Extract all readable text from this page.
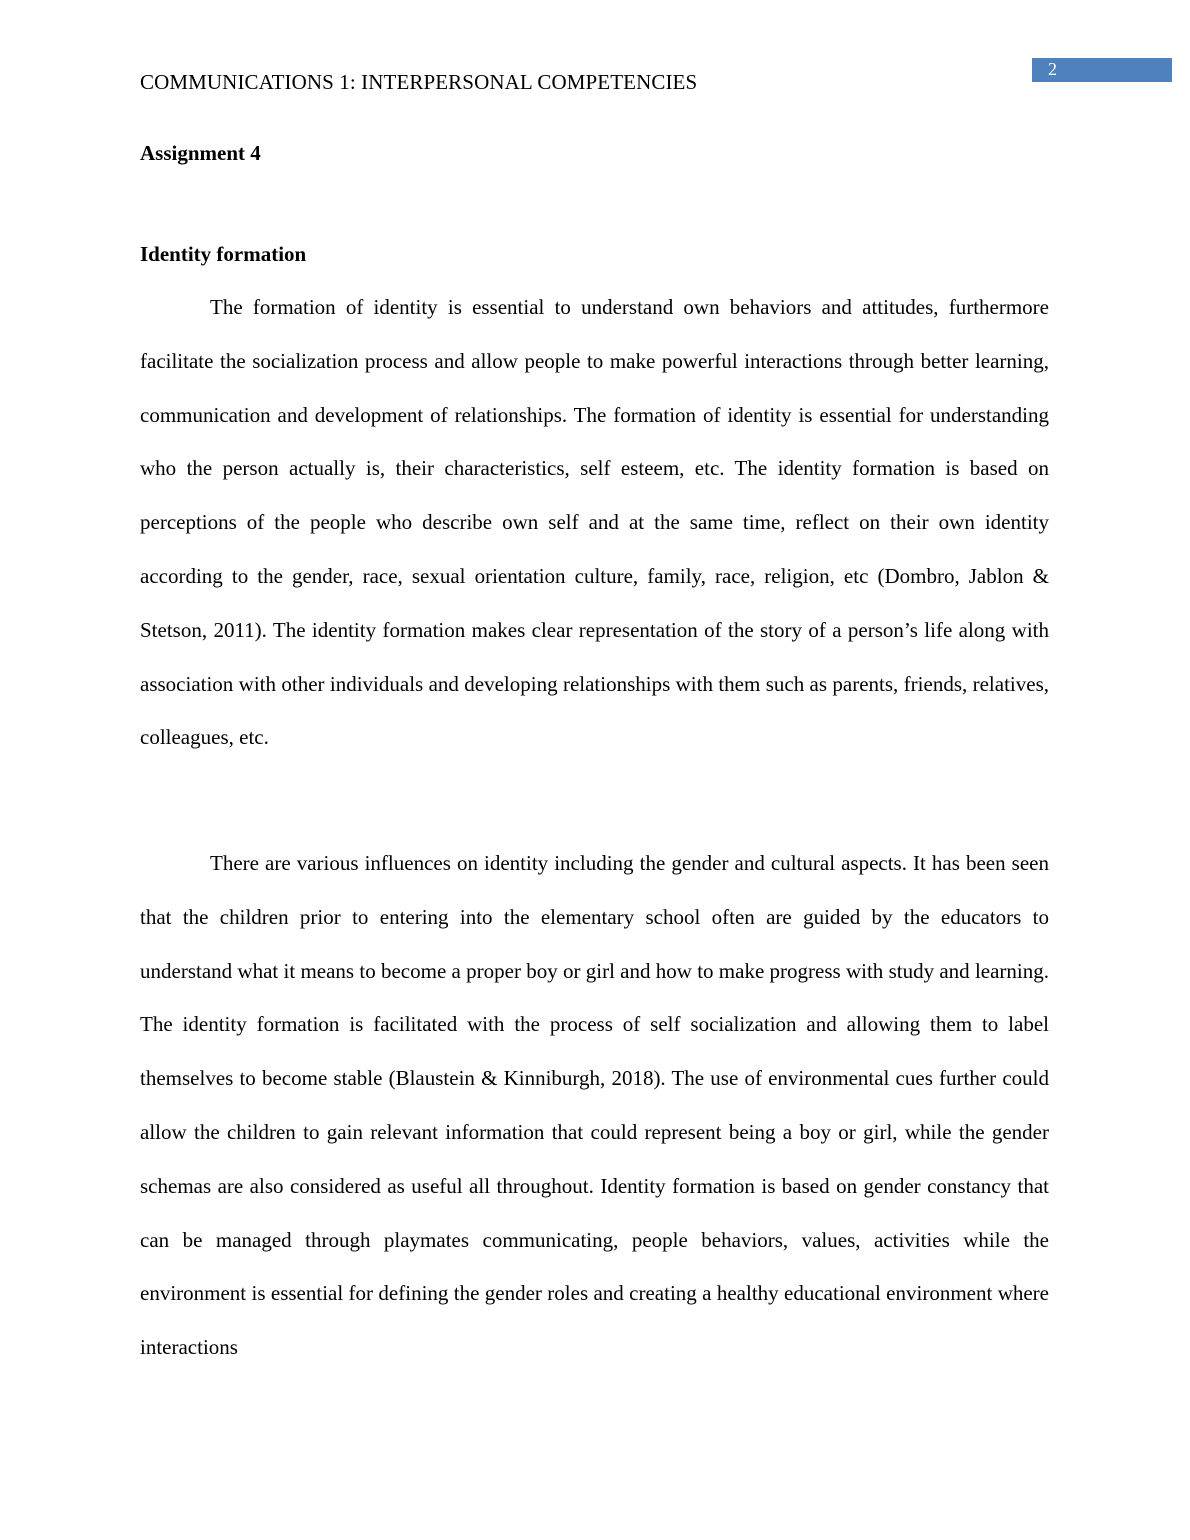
COMMUNICATIONS 1: INTERPERSONAL COMPETENCIES
2
Assignment 4
Identity formation

The formation of identity is essential to understand own behaviors and attitudes, furthermore facilitate the socialization process and allow people to make powerful interactions through better learning, communication and development of relationships. The formation of identity is essential for understanding who the person actually is, their characteristics, self esteem, etc. The identity formation is based on perceptions of the people who describe own self and at the same time, reflect on their own identity according to the gender, race, sexual orientation culture, family, race, religion, etc (Dombro, Jablon & Stetson, 2011). The identity formation makes clear representation of the story of a person’s life along with association with other individuals and developing relationships with them such as parents, friends, relatives, colleagues, etc.

There are various influences on identity including the gender and cultural aspects. It has been seen that the children prior to entering into the elementary school often are guided by the educators to understand what it means to become a proper boy or girl and how to make progress with study and learning. The identity formation is facilitated with the process of self socialization and allowing them to label themselves to become stable (Blaustein & Kinniburgh, 2018). The use of environmental cues further could allow the children to gain relevant information that could represent being a boy or girl, while the gender schemas are also considered as useful all throughout. Identity formation is based on gender constancy that can be managed through playmates communicating, people behaviors, values, activities while the environment is essential for defining the gender roles and creating a healthy educational environment where interactions
